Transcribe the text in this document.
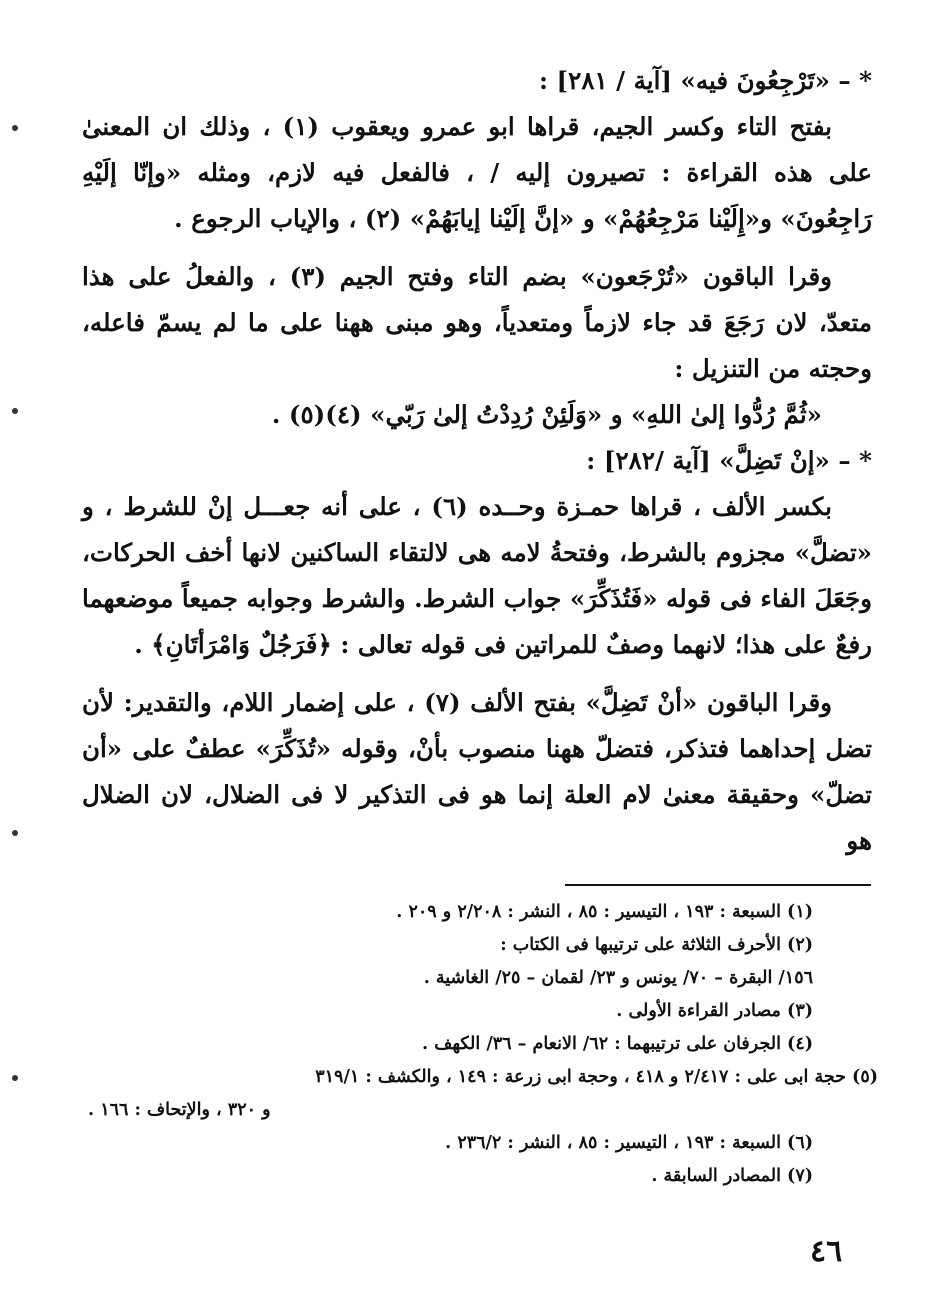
* – «تَرْجِعُونَ فيه» [آية / ٢٨١] :

بفتح التاء وكسر الجيم، قراها ابو عمرو ويعقوب (١) ، وذلك ان المعنىٰ على هذه القراءة : تصيرون إليه / ، فالفعل فيه لازم، ومثله «وإنّا إلَيْهِ رَاجِعُونَ» و«إِلَيْنا مَرْجِعُهُمْ» و «إنَّ إلَيْنا إيابَهُمْ» (٢) ، والإياب الرجوع .

وقرا الباقون «تُرْجَعون» بضم التاء وفتح الجيم (٣) ، والفعلُ على هذا متعدّ، لان رَجَعَ قد جاء لازماً ومتعدياً، وهو مبنى ههنا على ما لم يسمّ فاعله، وحجته من التنزيل :

«ثُمَّ رُدُّوا إلىٰ اللهِ» و «وَلَئِنْ رُدِدْتُ إلىٰ رَبّي» (٤)(٥) .

* – «إنْ تَضِلَّ» [آية /٢٨٢] :

بكسر الألف ، قراها حمـزة وحــده (٦) ، على أنه جعـــل إنْ للشرط ، و «تضلَّ» مجزوم بالشرط، وفتحةُ لامه هى لالتقاء الساكنين لانها أخف الحركات، وجَعَلَ الفاء فى قوله «فَتُذَكِّرَ» جواب الشرط. والشرط وجوابه جميعاً موضعهما رفعٌ على هذا؛ لانهما وصفٌ للمراتين فى قوله تعالى : ﴿فَرَجُلٌ وَامْرَأتَانِ﴾ .

وقرا الباقون «أنْ تَضِلَّ» بفتح الألف (٧) ، على إضمار اللام، والتقدير: لأن تضل إحداهما فتذكر، فتضلّ ههنا منصوب بأنْ، وقوله «تُذَكِّرَ» عطفٌ على «أن تضلّ» وحقيقة معنىٰ لام العلة إنما هو فى التذكير لا فى الضلال، لان الضلال هو

(١) السبعة : ١٩٣ ، التيسير : ٨٥ ، النشر : ٢/٢٠٨ و ٢٠٩ .

(٢) الأحرف الثلاثة على ترتيبها فى الكتاب :

١٥٦/ البقرة – ٧٠/ يونس و ٢٣/ لقمان – ٢٥/ الغاشية .

(٣) مصادر القراءة الأولى .

(٤) الجرفان على ترتيبهما : ٦٢/ الانعام – ٣٦/ الكهف .

(٥) حجة ابى على : ٢/٤١٧ و ٤١٨ ، وحجة ابى زرعة : ١٤٩ ، والكشف : ٣١٩/١

و ٣٢٠ ، والإتحاف : ١٦٦ .

(٦) السبعة : ١٩٣ ، التيسير : ٨٥ ، النشر : ٢٣٦/٢ .

(٧) المصادر السابقة .

٤٦
